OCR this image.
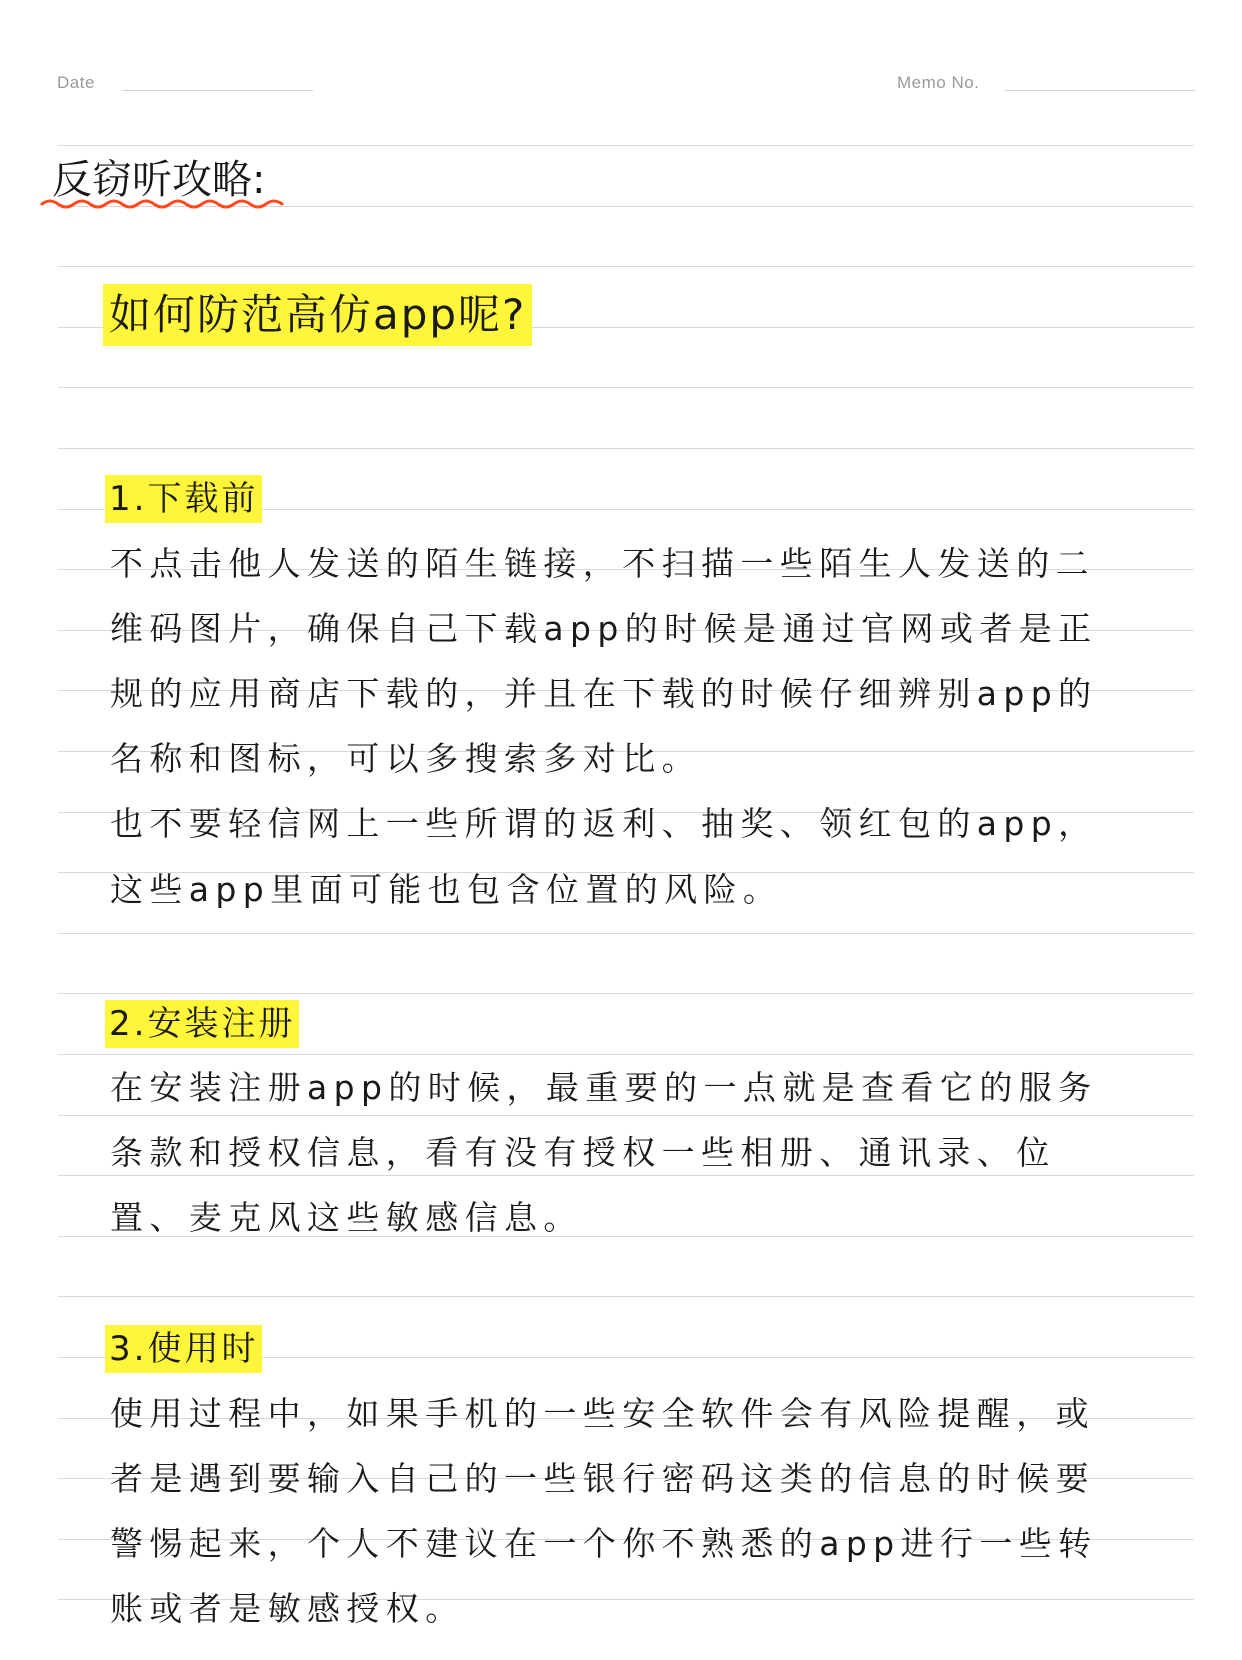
Date	Memo No.
反窃听攻略:
如何防范高仿app呢?
1.下载前
不点击他人发送的陌生链接，不扫描一些陌生人发送的二
维码图片，确保自己下载app的时候是通过官网或者是正
规的应用商店下载的，并且在下载的时候仔细辨别app的
名称和图标，可以多搜索多对比。
也不要轻信网上一些所谓的返利、抽奖、领红包的app，
这些app里面可能也包含位置的风险。
2.安装注册
在安装注册app的时候，最重要的一点就是查看它的服务
条款和授权信息，看有没有授权一些相册、通讯录、位
置、麦克风这些敏感信息。
3.使用时
使用过程中，如果手机的一些安全软件会有风险提醒，或
者是遇到要输入自己的一些银行密码这类的信息的时候要
警惕起来，个人不建议在一个你不熟悉的app进行一些转
账或者是敏感授权。
